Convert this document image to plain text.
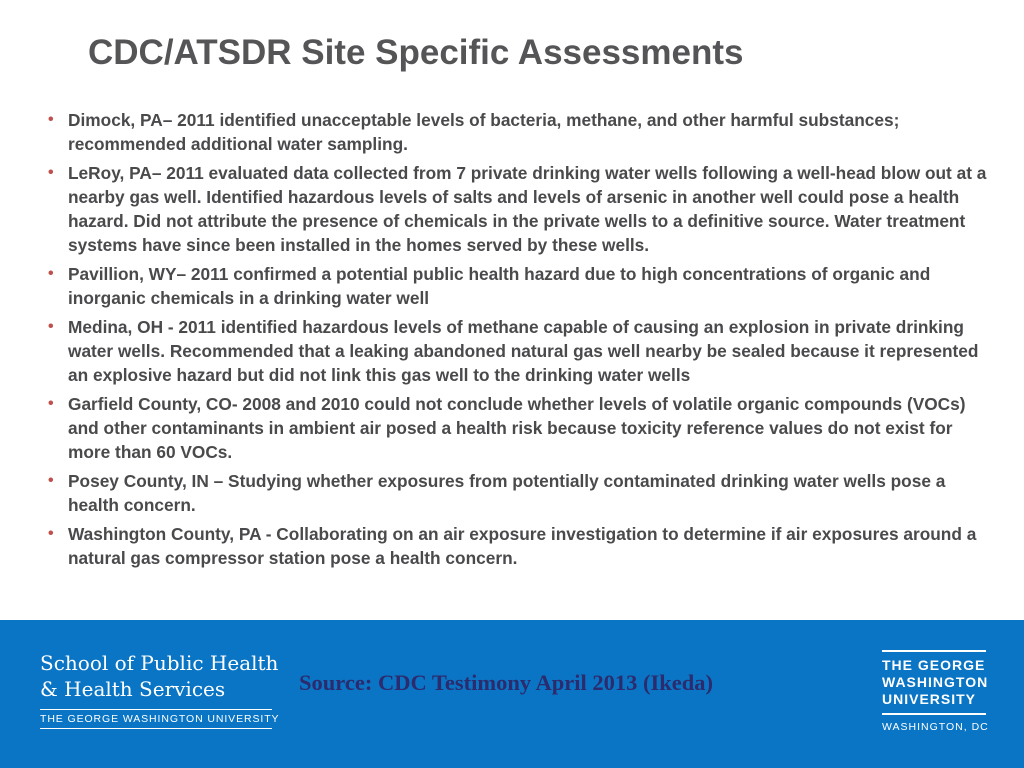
CDC/ATSDR Site Specific Assessments
• Dimock, PA– 2011 identified unacceptable levels of bacteria, methane, and other harmful substances; recommended additional water sampling.
• LeRoy, PA– 2011 evaluated data collected from 7 private drinking water wells following a well-head blow out at a nearby gas well. Identified hazardous levels of salts and levels of arsenic in another well could pose a health hazard. Did not attribute the presence of chemicals in the private wells to a definitive source. Water treatment systems have since been installed in the homes served by these wells.
• Pavillion, WY– 2011 confirmed a potential public health hazard due to high concentrations of organic and inorganic chemicals in a drinking water well
• Medina, OH - 2011 identified hazardous levels of methane capable of causing an explosion in private drinking water wells. Recommended that a leaking abandoned natural gas well nearby be sealed because it represented an explosive hazard but did not link this gas well to the drinking water wells
• Garfield County, CO- 2008 and 2010 could not conclude whether levels of volatile organic compounds (VOCs) and other contaminants in ambient air posed a health risk because toxicity reference values do not exist for more than 60 VOCs.
• Posey County, IN – Studying whether exposures from potentially contaminated drinking water wells pose a health concern.
• Washington County, PA - Collaborating on an air exposure investigation to determine if air exposures around a natural gas compressor station pose a health concern.
School of Public Health
& Health Services
THE GEORGE WASHINGTON UNIVERSITY

Source: CDC Testimony April 2013 (Ikeda)

THE GEORGE
WASHINGTON
UNIVERSITY
WASHINGTON, DC
